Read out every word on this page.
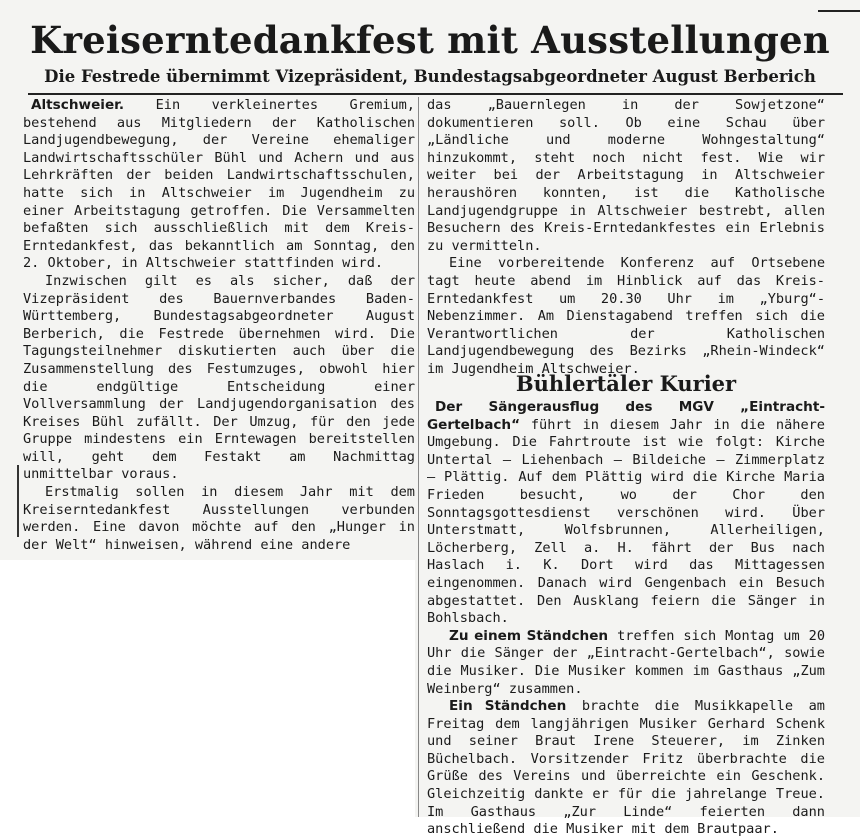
Kreiserntedankfest mit Ausstellungen
Die Festrede übernimmt Vizepräsident, Bundestagsabgeordneter August Berberich

Altschweier. Ein verkleinertes Gremium, bestehend aus Mitgliedern der Katholischen Landjugendbewegung, der Vereine ehemaliger Landwirtschaftsschüler Bühl und Achern und aus Lehrkräften der beiden Landwirtschaftsschulen, hatte sich in Altschweier im Jugendheim zu einer Arbeitstagung getroffen. Die Versammelten befaßten sich ausschließlich mit dem Kreis-Erntedankfest, das bekanntlich am Sonntag, den 2. Oktober, in Altschweier stattfinden wird.

Inzwischen gilt es als sicher, daß der Vizepräsident des Bauernverbandes Baden-Württemberg, Bundestagsabgeordneter August Berberich, die Festrede übernehmen wird. Die Tagungsteilnehmer diskutierten auch über die Zusammenstellung des Festumzuges, obwohl hier die endgültige Entscheidung einer Vollversammlung der Landjugendorganisation des Kreises Bühl zufällt. Der Umzug, für den jede Gruppe mindestens ein Erntewagen bereitstellen will, geht dem Festakt am Nachmittag unmittelbar voraus.

Erstmalig sollen in diesem Jahr mit dem Kreiserntedankfest Ausstellungen verbunden werden. Eine davon möchte auf den „Hunger in der Welt“ hinweisen, während eine andere

das „Bauernlegen in der Sowjetzone“ dokumentieren soll. Ob eine Schau über „Ländliche und moderne Wohngestaltung“ hinzukommt, steht noch nicht fest. Wie wir weiter bei der Arbeitstagung in Altschweier heraushören konnten, ist die Katholische Landjugendgruppe in Altschweier bestrebt, allen Besuchern des Kreis-Erntedankfestes ein Erlebnis zu vermitteln.

Eine vorbereitende Konferenz auf Ortsebene tagt heute abend im Hinblick auf das Kreis-Erntedankfest um 20.30 Uhr im „Yburg“-Nebenzimmer. Am Dienstagabend treffen sich die Verantwortlichen der Katholischen Landjugendbewegung des Bezirks „Rhein-Windeck“ im Jugendheim Altschweier.

Bühlertäler Kurier

Der Sängerausflug des MGV „Eintracht-Gertelbach“ führt in diesem Jahr in die nähere Umgebung. Die Fahrtroute ist wie folgt: Kirche Untertal — Liehenbach — Bildeiche — Zimmerplatz — Plättig. Auf dem Plättig wird die Kirche Maria Frieden besucht, wo der Chor den Sonntagsgottesdienst verschönen wird. Über Unterstmatt, Wolfsbrunnen, Allerheiligen, Löcherberg, Zell a. H. fährt der Bus nach Haslach i. K. Dort wird das Mittagessen eingenommen. Danach wird Gengenbach ein Besuch abgestattet. Den Ausklang feiern die Sänger in Bohlsbach.

Zu einem Ständchen treffen sich Montag um 20 Uhr die Sänger der „Eintracht-Gertelbach“, sowie die Musiker. Die Musiker kommen im Gasthaus „Zum Weinberg“ zusammen.

Ein Ständchen brachte die Musikkapelle am Freitag dem langjährigen Musiker Gerhard Schenk und seiner Braut Irene Steuerer, im Zinken Büchelbach. Vorsitzender Fritz überbrachte die Grüße des Vereins und überreichte ein Geschenk. Gleichzeitig dankte er für die jahrelange Treue. Im Gasthaus „Zur Linde“ feierten dann anschließend die Musiker mit dem Brautpaar.
